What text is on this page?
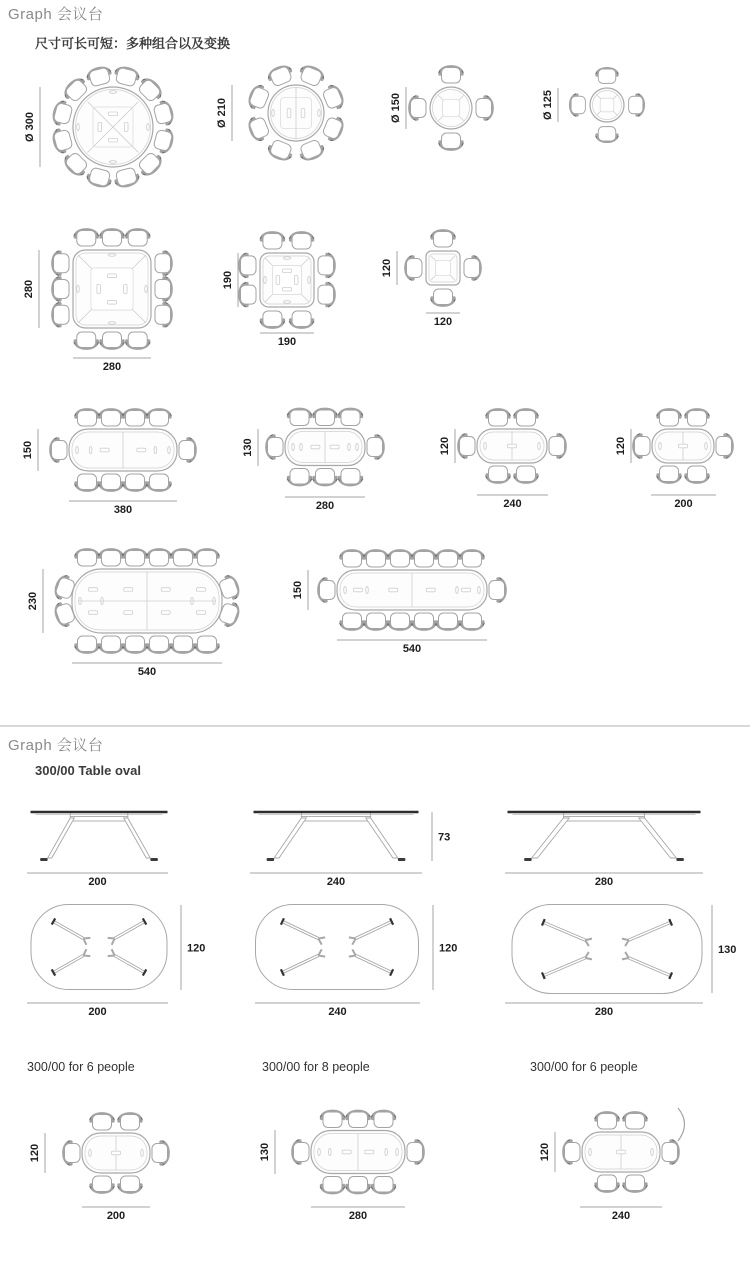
Graph 会议台
尺寸可长可短：多种组合以及变换
Graph 会议台
300/00 Table oval
300/00 for 6 people	300/00 for 8 people	300/00 for 6 people
Ø 300	Ø 210	Ø 150	Ø 125
280
280
190
190
120
120
150
380
130
280
120
240
120
200
230
540
150
540
200	240
73
280
200
120
240
120
280
130
120
200
130
280
120
240
